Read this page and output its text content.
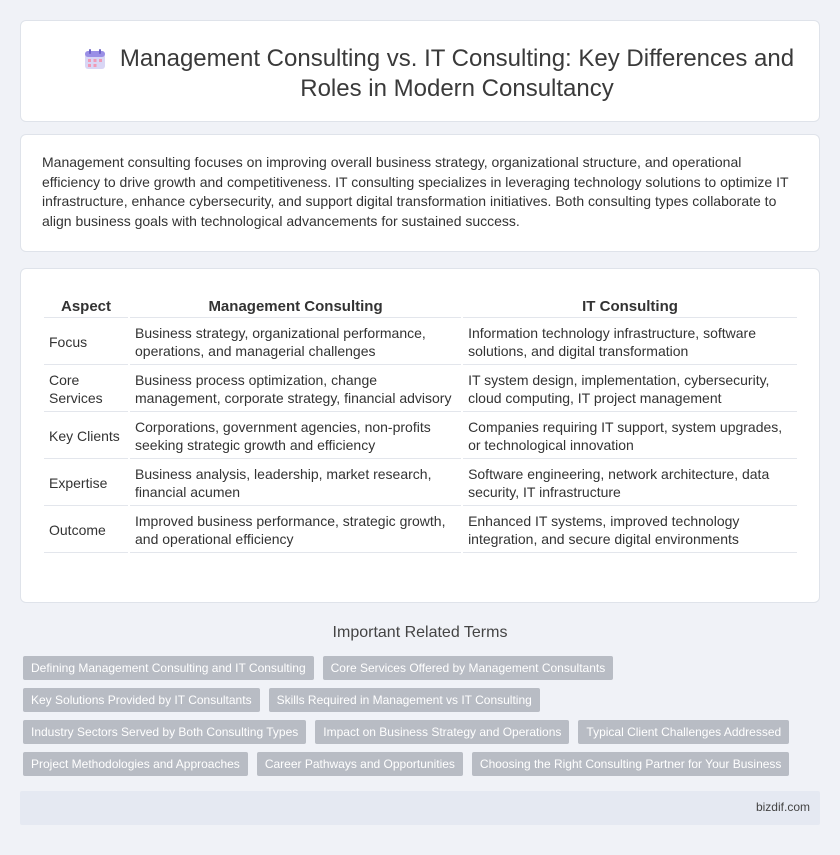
Management Consulting vs. IT Consulting: Key Differences and Roles in Modern Consultancy

Management consulting focuses on improving overall business strategy, organizational structure, and operational efficiency to drive growth and competitiveness. IT consulting specializes in leveraging technology solutions to optimize IT infrastructure, enhance cybersecurity, and support digital transformation initiatives. Both consulting types collaborate to align business goals with technological advancements for sustained success.

Aspect	Management Consulting	IT Consulting
Focus	Business strategy, organizational performance, operations, and managerial challenges	Information technology infrastructure, software solutions, and digital transformation
Core Services	Business process optimization, change management, corporate strategy, financial advisory	IT system design, implementation, cybersecurity, cloud computing, IT project management
Key Clients	Corporations, government agencies, non-profits seeking strategic growth and efficiency	Companies requiring IT support, system upgrades, or technological innovation
Expertise	Business analysis, leadership, market research, financial acumen	Software engineering, network architecture, data security, IT infrastructure
Outcome	Improved business performance, strategic growth, and operational efficiency	Enhanced IT systems, improved technology integration, and secure digital environments
Important Related Terms
Defining Management Consulting and IT Consulting	Core Services Offered by Management Consultants
Key Solutions Provided by IT Consultants	Skills Required in Management vs IT Consulting
Industry Sectors Served by Both Consulting Types	Impact on Business Strategy and Operations	Typical Client Challenges Addressed
Project Methodologies and Approaches	Career Pathways and Opportunities	Choosing the Right Consulting Partner for Your Business
bizdif.com
